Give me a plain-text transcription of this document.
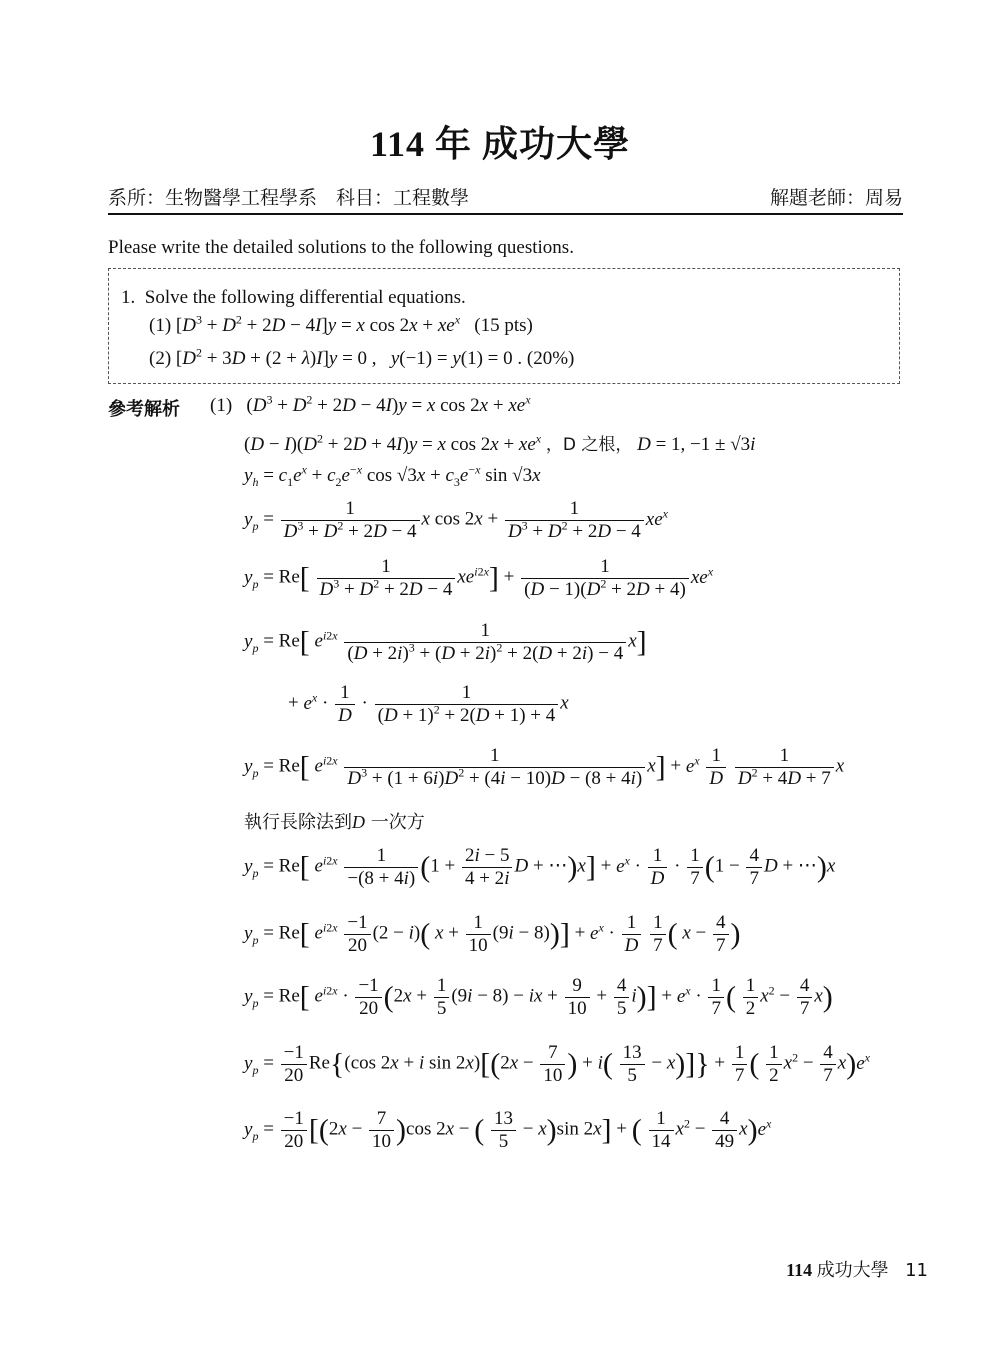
114 年 成功大學
系所：生物醫學工程學系　科目：工程數學	解題老師：周易
Please write the detailed solutions to the following questions.
1. Solve the following differential equations.
(1) $[D^3 + D^2 + 2D - 4I]y = x$ $\cos 2x + xe^x$ (15 pts)
(2) $[D^2 + 3D + (2 + \lambda)I]y = 0$ ,   y(−1) = y(1) = 0 . (20%)
參考解析 (1)   $(D^3 + D^2 + 2D - 4I)y = x$ $\cos 2x + xe^x$
$(D - I)(D^2 + 2D + 4I)y = x$ $\cos 2x + xe^x$ ，D 之根， D = 1, −1 ± √3i
$y_h = c_1e^x + c_2e^{-x}$ $\cos √3x + c_3e^{-x}$ sin √3x
$y_p = \frac{1}{D^3 + D^2 + 2D - 4}$ x $\cos 2x + \frac{1}{D^3 + D^2 + 2D - 4} xe^x$
$y_p = Re[ \frac{1}{D^3 + D^2 + 2D - 4} xe^{i2x}] + \frac{1}{(D - 1)(D^2 + 2D + 4)} xe^x$
$y_p = Re$[ $e^{i2x} \frac{1}{(D + 2i)^3 + (D + 2i)^2 + 2(D + 2i) - 4} x$]
+ $e^x \cdot \frac{1}{D} \cdot \frac{1}{(D + 1)^2 + 2(D + 1) + 4}$ x
$y_p = Re$[ $e^{i2x} \frac{1}{D^3 + (1 + 6i)D^2 + (4i - 10)D - (8 + 4i)} x] + e^x \frac{1}{D}$
$\frac{1}{D^2 + 4D + 7}$ x
執行長除法到D 一次方
$y_p = Re$[ $e^{i2x} \frac{1}{-(8 + 4i)} (1 + \frac{2i - 5}{4 + 2i}$ D + ⋯)x] + $e^x \cdot \frac{1}{D} \cdot \frac{1}{7} (1 - \frac{4}{7}$ D + ⋯)x
$y_p = Re$[ $e^{i2x} \frac{-1}{20} (2 - i)$( $x + \frac{1}{10} (9i - 8))] + e^x \cdot \frac{1}{D}$
$\frac{1}{7}$ ( $x - \frac{4}{7}$ )
$y_p = Re$[ $e^{i2x} \cdot \frac{-1}{20} (2x + \frac{1}{5} (9i - 8)$ − ix + $\frac{9}{10} + \frac{4}{5} i)] + e^x \cdot \frac{1}{7}$ ( $\frac{1}{2} x^2 - \frac{4}{7} x$)
$y_p = \frac{-1}{20} Re\{(\cos$ 2x + i $\sin 2x)[(2x - \frac{7}{10}$ ) + $i( \frac{13}{5} - x)]\} + \frac{1}{7}$ ( $\frac{1}{2} x^2 - \frac{4}{7} x)e^x$
$y_p = \frac{-1}{20} [(2x - \frac{7}{10} )\cos$ 2x − ( $\frac{13}{5} - x)\sin$ 2x] + ( $\frac{1}{14} x^2 - \frac{4}{49} x)e^x$
114 成功大學 11
